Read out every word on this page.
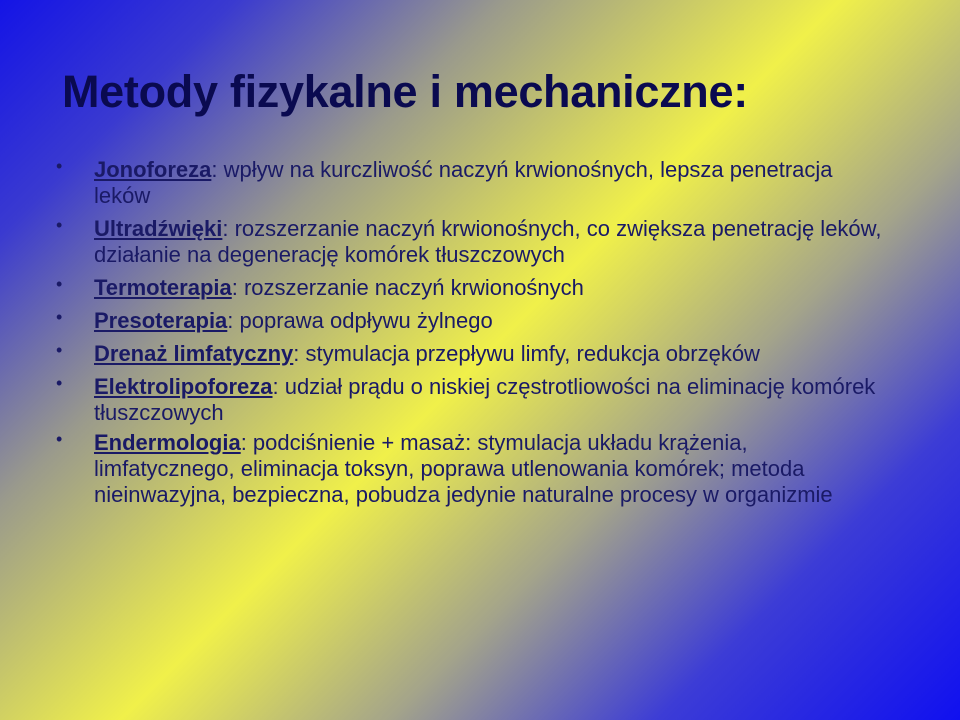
Metody fizykalne i mechaniczne:
• Jonoforeza: wpływ na kurczliwość naczyń krwionośnych, lepsza penetracja leków
• Ultradźwięki: rozszerzanie naczyń krwionośnych, co zwiększa penetrację leków, działanie na degenerację komórek tłuszczowych
• Termoterapia: rozszerzanie naczyń krwionośnych
• Presoterapia: poprawa odpływu żylnego
• Drenaż limfatyczny: stymulacja przepływu limfy, redukcja obrzęków
• Elektrolipoforeza: udział prądu o niskiej częstrotliowości na eliminację komórek tłuszczowych
• Endermologia: podciśnienie + masaż: stymulacja układu krążenia, limfatycznego, eliminacja toksyn, poprawa utlenowania komórek; metoda nieinwazyjna, bezpieczna, pobudza jedynie naturalne procesy w organizmie
